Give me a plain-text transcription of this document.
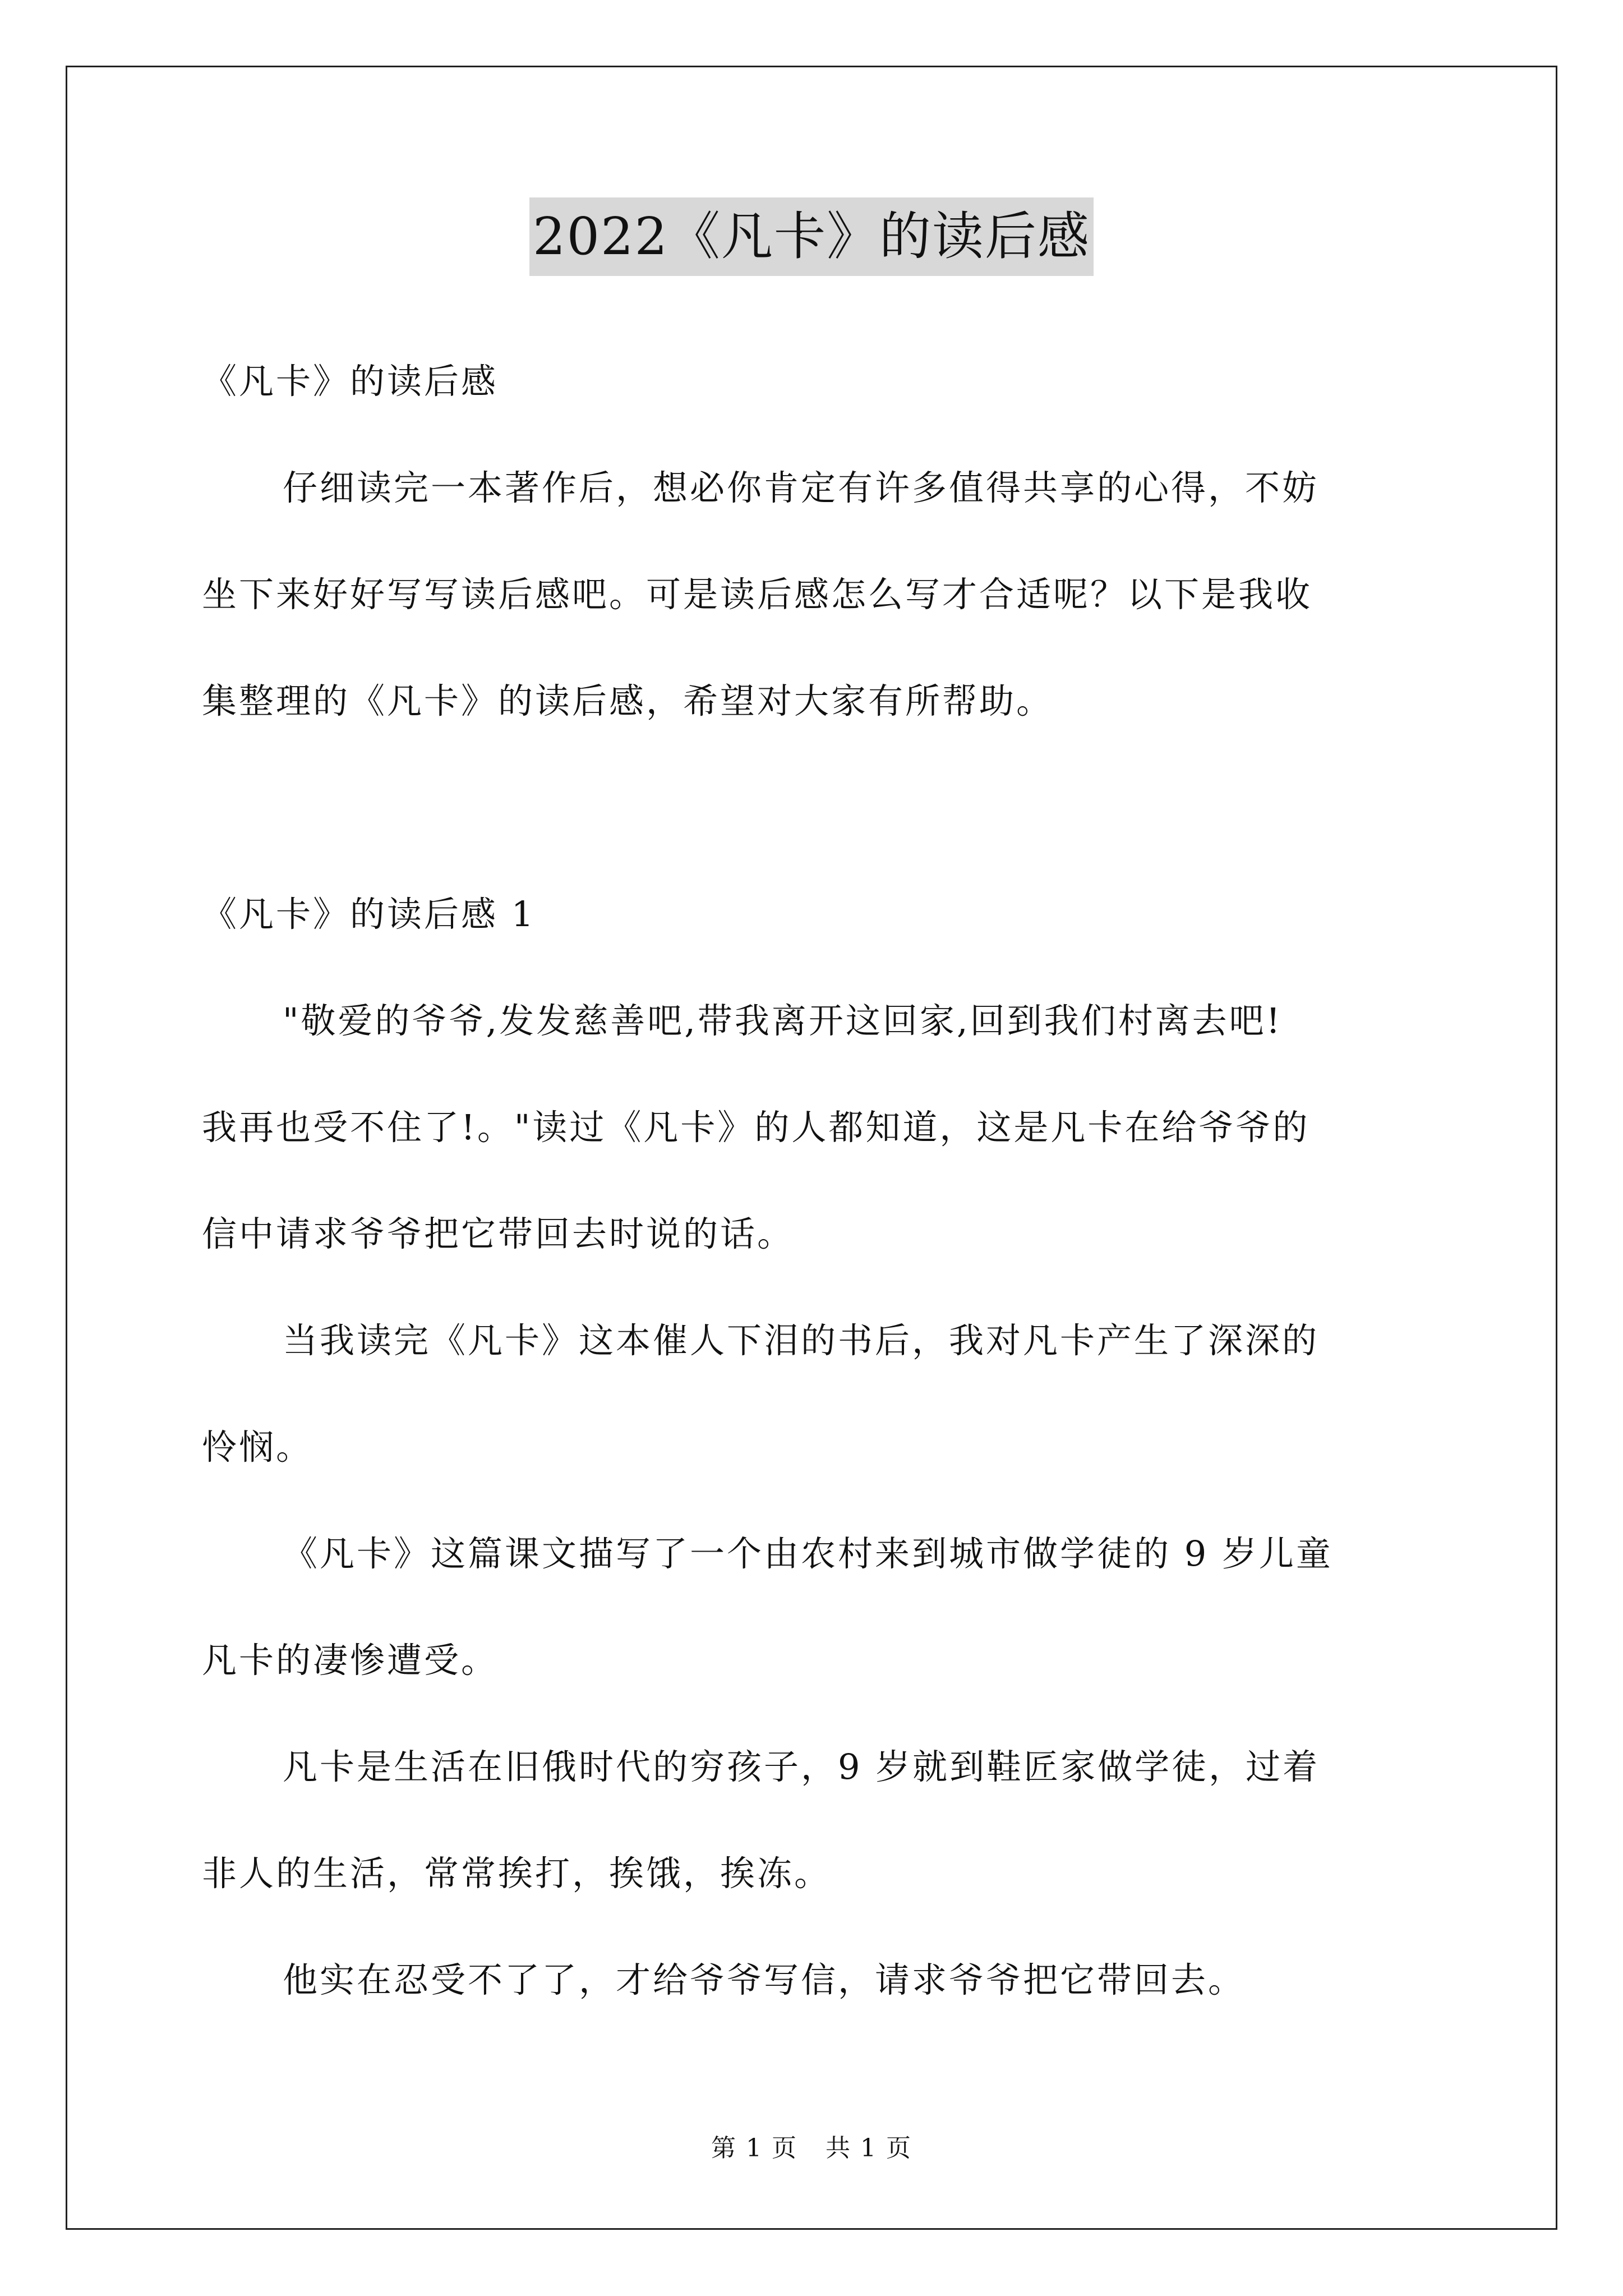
2022《凡卡》的读后感

《凡卡》的读后感

仔细读完一本著作后，想必你肯定有许多值得共享的心得，不妨

坐下来好好写写读后感吧。可是读后感怎么写才合适呢？以下是我收

集整理的《凡卡》的读后感，希望对大家有所帮助。

《凡卡》的读后感 1

"敬爱的爷爷,发发慈善吧,带我离开这回家,回到我们村离去吧!

我再也受不住了!。"读过《凡卡》的人都知道，这是凡卡在给爷爷的

信中请求爷爷把它带回去时说的话。

当我读完《凡卡》这本催人下泪的书后，我对凡卡产生了深深的

怜悯。

《凡卡》这篇课文描写了一个由农村来到城市做学徒的 9 岁儿童

凡卡的凄惨遭受。

凡卡是生活在旧俄时代的穷孩子，9 岁就到鞋匠家做学徒，过着

非人的生活，常常挨打，挨饿，挨冻。

他实在忍受不了了，才给爷爷写信，请求爷爷把它带回去。

第 1 页 共 1 页
